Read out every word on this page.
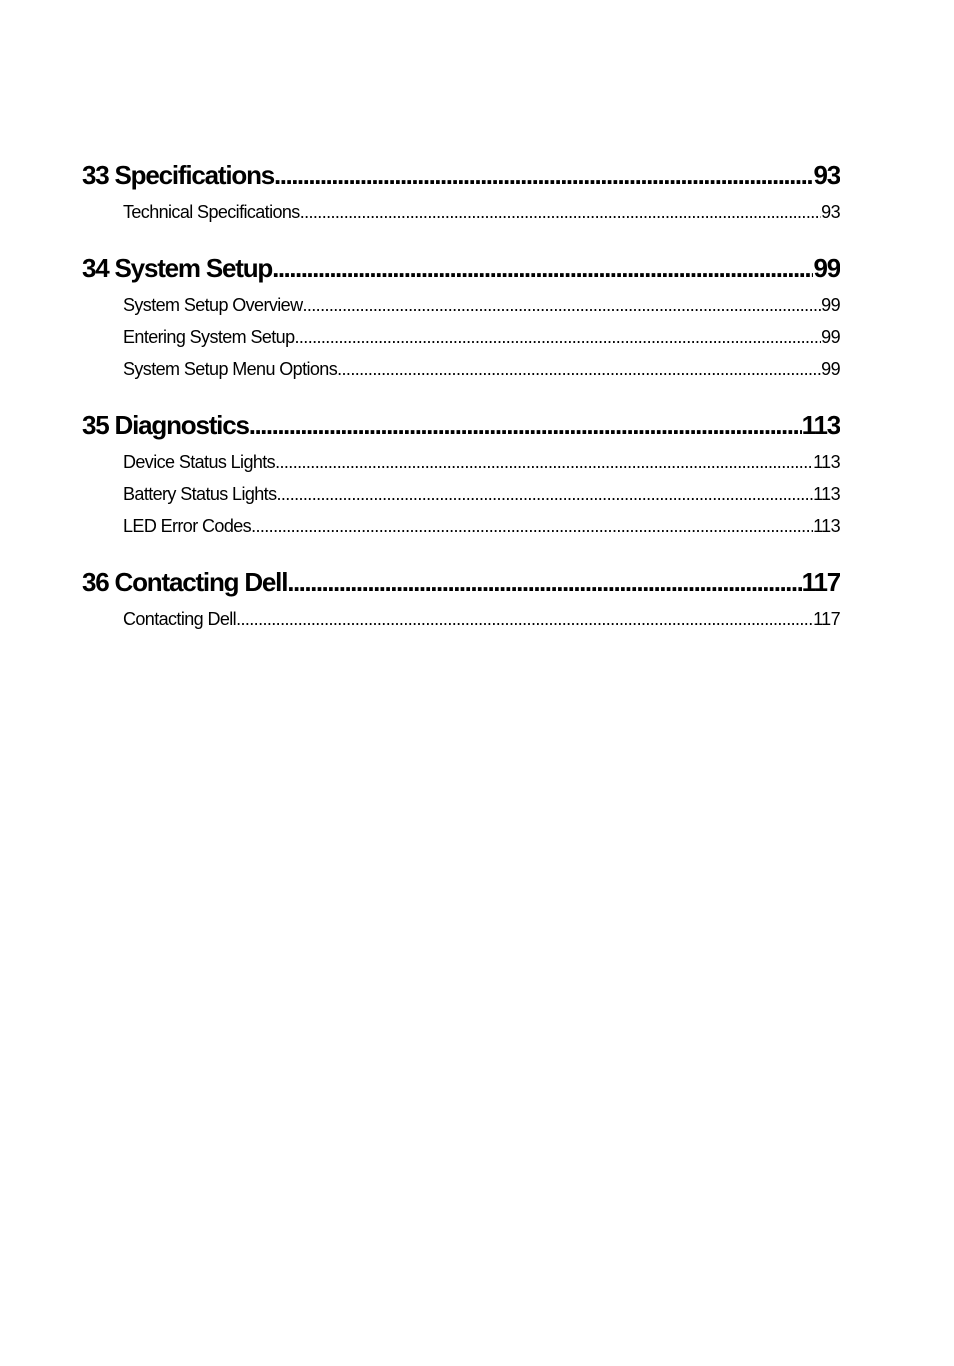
33 Specifications .....	93
Technical Specifications .....	93
34 System Setup .....	99
System Setup Overview .....	99
Entering System Setup .....	99
System Setup Menu Options .....	99
35 Diagnostics .....	113
Device Status Lights .....	113
Battery Status Lights .....	113
LED Error Codes .....	113
36 Contacting Dell .....	117
Contacting Dell .....	117
